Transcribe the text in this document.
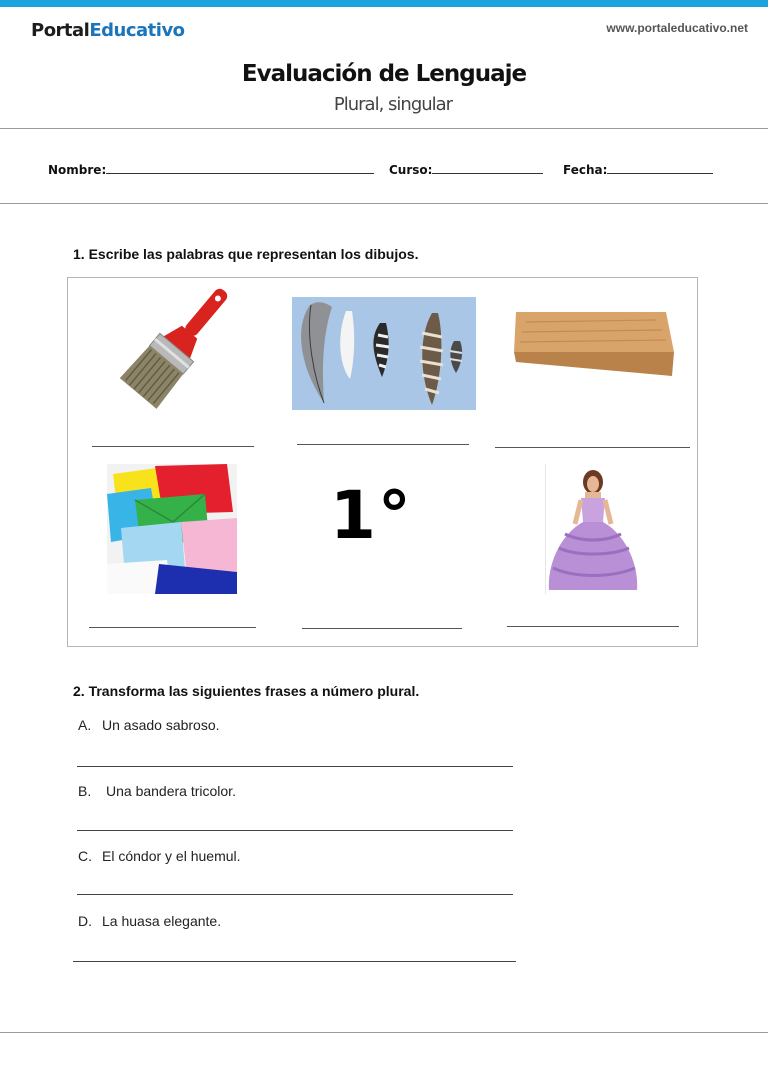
PortalEducativo	www.portaleducativo.net
Evaluación de Lenguaje
Plural, singular
Nombre:	Curso:	Fecha:
1. Escribe las palabras que representan los dibujos.
1°
2. Transforma las siguientes frases a número plural.
A. Un asado sabroso.
B. Una bandera tricolor.
C. El cóndor y el huemul.
D. La huasa elegante.
